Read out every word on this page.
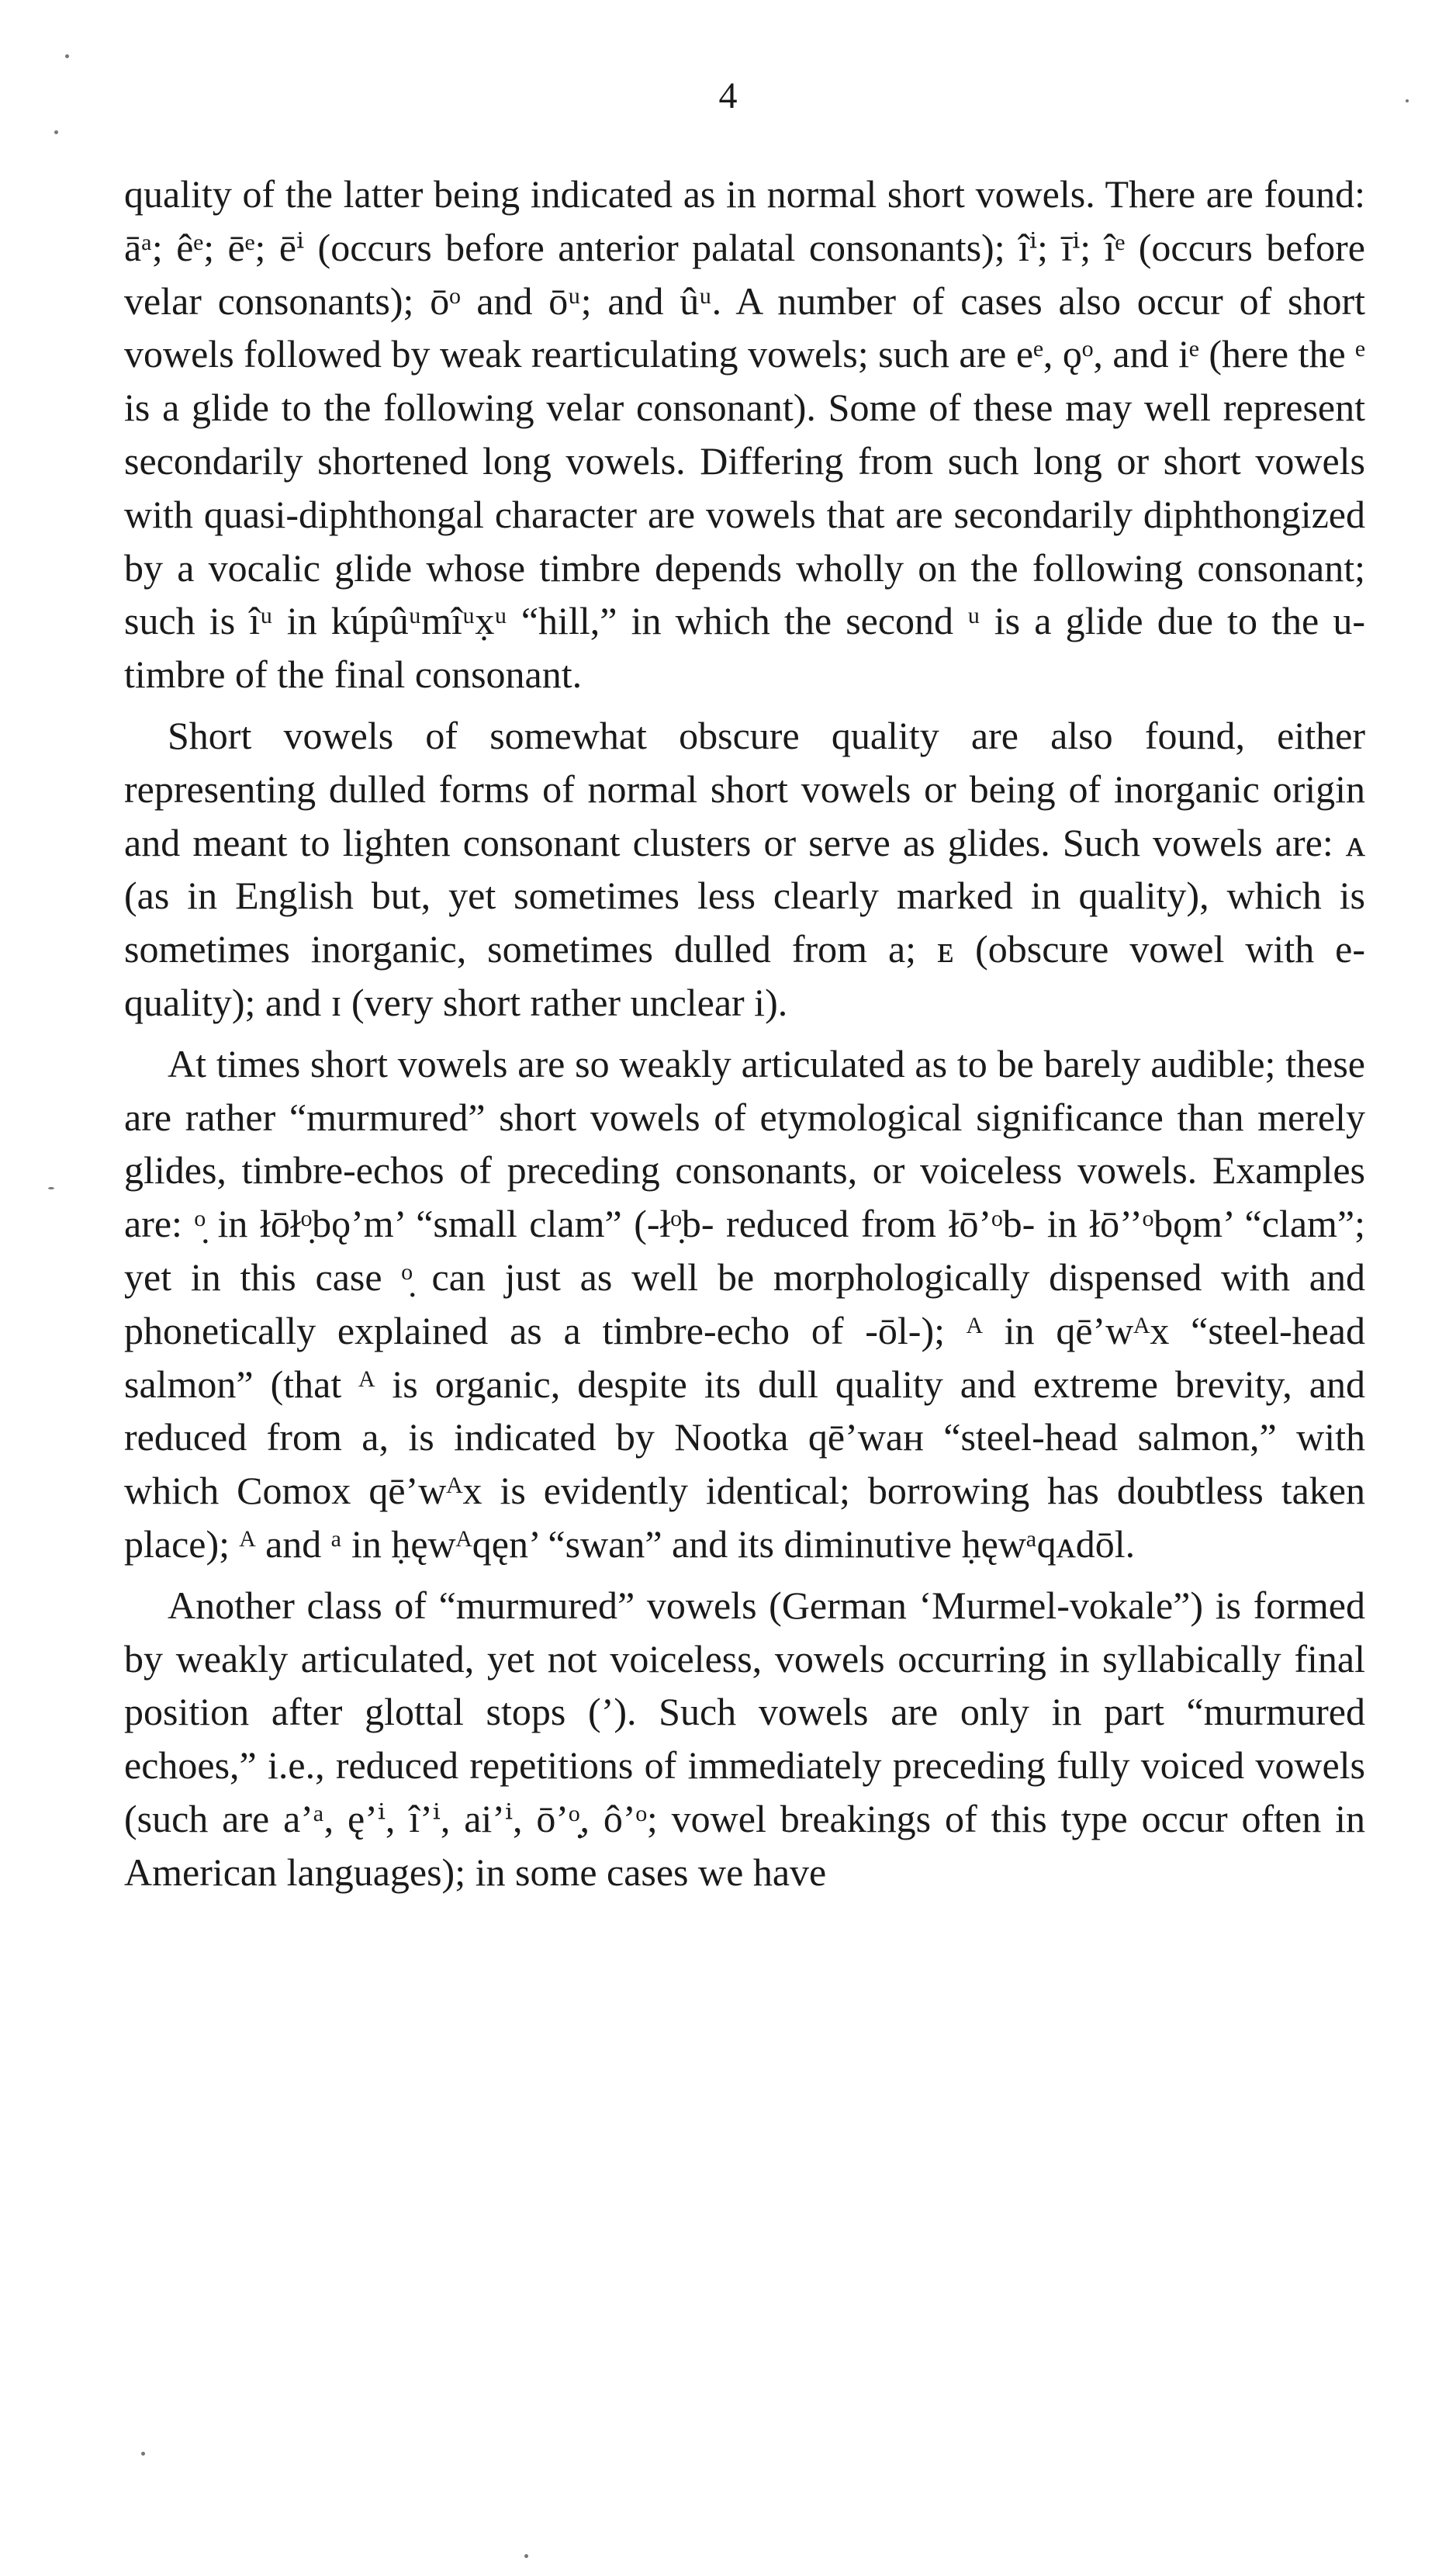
4

quality of the latter being indicated as in normal short vowels. There are found: āᵃ; êᵉ; ēᵉ; ēⁱ (occurs before anterior palatal consonants); îⁱ; īⁱ; îᵉ (occurs before velar consonants); ōᵒ and ōᵘ; and ûᵘ. A number of cases also occur of short vowels followed by weak rearticulating vowels; such are eᵉ, ǫᵒ, and iᵉ (here the ᵉ is a glide to the following velar consonant). Some of these may well represent secondarily shortened long vowels. Differing from such long or short vowels with quasi-diphthongal character are vowels that are secondarily diphthongized by a vocalic glide whose timbre depends wholly on the following consonant; such is îᵘ in kúpûᵘmîᵘx̣ᵘ “hill,” in which the second ᵘ is a glide due to the u- timbre of the final consonant.

Short vowels of somewhat obscure quality are also found, either representing dulled forms of normal short vowels or being of inorganic origin and meant to lighten consonant clusters or serve as glides. Such vowels are: ᴀ (as in English but, yet sometimes less clearly marked in quality), which is sometimes inorganic, sometimes dulled from a; ᴇ (obscure vowel with e-quality); and ɪ (very short rather unclear i).

At times short vowels are so weakly articulated as to be barely audible; these are rather “murmured” short vowels of etymological significance than merely glides, timbre-echos of preceding consonants, or voiceless vowels. Examples are: ᵒ̣ in łōłᵒ̣bǫ’m’ “small clam” (-łᵒ̣b- reduced from łō’ᵒb- in łō’’ᵒbǫm’ “clam”; yet in this case ᵒ̣ can just as well be morphologically dispensed with and phonetically explained as a timbre-echo of -ōl-); ᴬ in qē’wᴬx “steel-head salmon” (that ᴬ is organic, despite its dull quality and extreme brevity, and reduced from a, is indicated by Nootka qē’waʜ “steel-head salmon,” with which Comox qē’wᴬx is evidently identical; borrowing has doubtless taken place); ᴬ and ᵃ in ḥęwᴬqęn’ “swan” and its diminutive ḥęwᵃqᴀdōl.

Another class of “murmured” vowels (German ‘Murmel-vokale”) is formed by weakly articulated, yet not voiceless, vowels occurring in syllabically final position after glottal stops (’). Such vowels are only in part “murmured echoes,” i.e., reduced repetitions of immediately preceding fully voiced vowels (such are a’ᵃ, ę’ⁱ, î’ⁱ, ai’ⁱ, ō’ᵒ̣, ô’ᵒ; vowel breakings of this type occur often in American languages); in some cases we have
